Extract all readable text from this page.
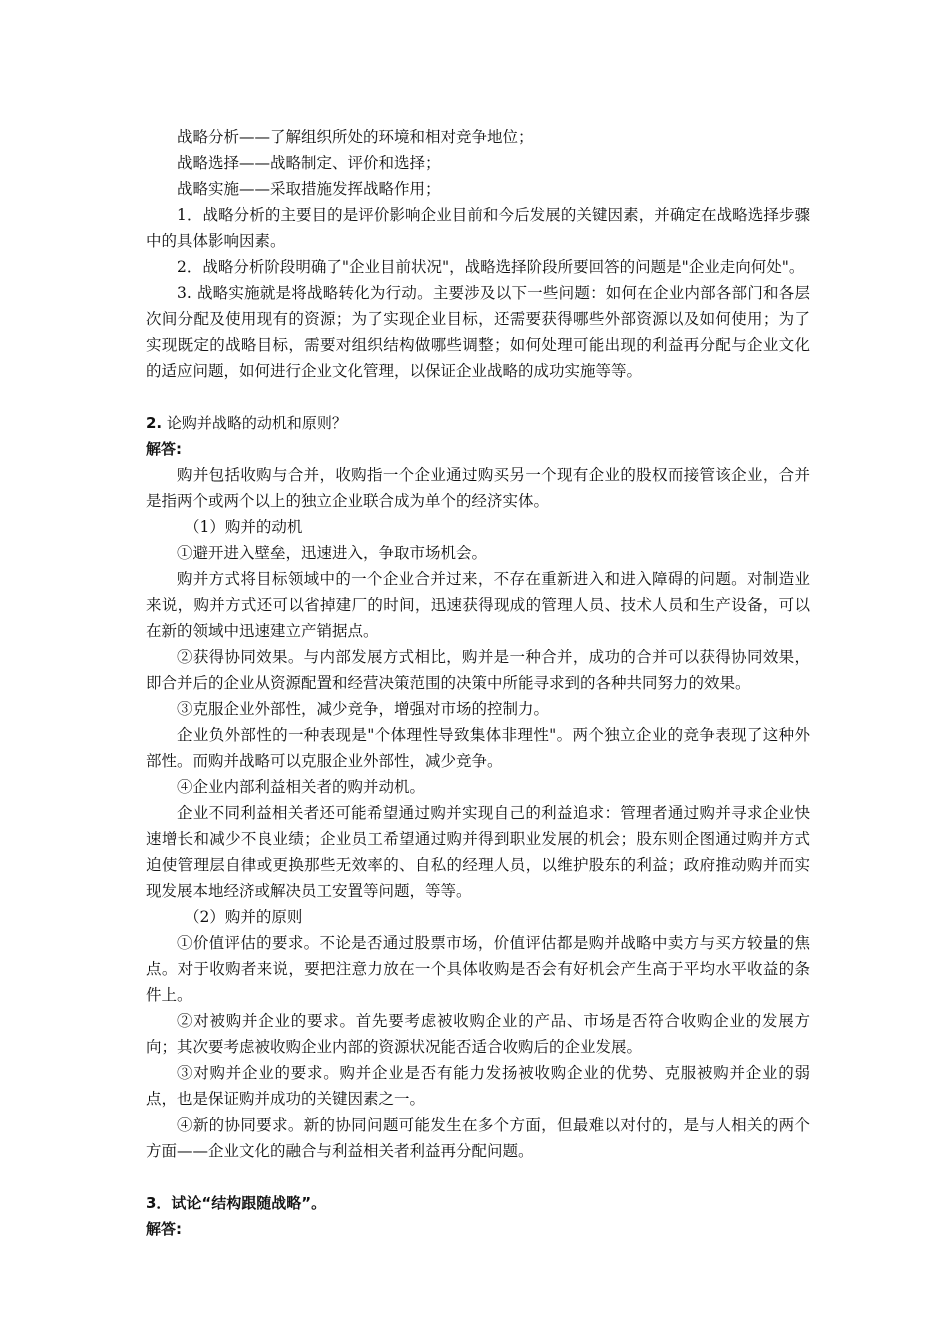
战略分析——了解组织所处的环境和相对竞争地位；

战略选择——战略制定、评价和选择；

战略实施——采取措施发挥战略作用；

1．战略分析的主要目的是评价影响企业目前和今后发展的关键因素，并确定在战略选择步骤中的具体影响因素。

2．战略分析阶段明确了"企业目前状况"，战略选择阶段所要回答的问题是"企业走向何处"。

3. 战略实施就是将战略转化为行动。主要涉及以下一些问题：如何在企业内部各部门和各层次间分配及使用现有的资源；为了实现企业目标，还需要获得哪些外部资源以及如何使用；为了实现既定的战略目标，需要对组织结构做哪些调整；如何处理可能出现的利益再分配与企业文化的适应问题，如何进行企业文化管理，以保证企业战略的成功实施等等。

2. 论购并战略的动机和原则？

解答:

购并包括收购与合并，收购指一个企业通过购买另一个现有企业的股权而接管该企业，合并是指两个或两个以上的独立企业联合成为单个的经济实体。

（1）购并的动机

①避开进入壁垒，迅速进入，争取市场机会。

购并方式将目标领域中的一个企业合并过来，不存在重新进入和进入障碍的问题。对制造业来说，购并方式还可以省掉建厂的时间，迅速获得现成的管理人员、技术人员和生产设备，可以在新的领域中迅速建立产销据点。

②获得协同效果。与内部发展方式相比，购并是一种合并，成功的合并可以获得协同效果，即合并后的企业从资源配置和经营决策范围的决策中所能寻求到的各种共同努力的效果。

③克服企业外部性，减少竞争，增强对市场的控制力。

企业负外部性的一种表现是"个体理性导致集体非理性"。两个独立企业的竞争表现了这种外部性。而购并战略可以克服企业外部性，减少竞争。

④企业内部利益相关者的购并动机。

企业不同利益相关者还可能希望通过购并实现自己的利益追求：管理者通过购并寻求企业快速增长和减少不良业绩；企业员工希望通过购并得到职业发展的机会；股东则企图通过购并方式迫使管理层自律或更换那些无效率的、自私的经理人员，以维护股东的利益；政府推动购并而实现发展本地经济或解决员工安置等问题，等等。

（2）购并的原则

①价值评估的要求。不论是否通过股票市场，价值评估都是购并战略中卖方与买方较量的焦点。对于收购者来说，要把注意力放在一个具体收购是否会有好机会产生高于平均水平收益的条件上。

②对被购并企业的要求。首先要考虑被收购企业的产品、市场是否符合收购企业的发展方向；其次要考虑被收购企业内部的资源状况能否适合收购后的企业发展。

③对购并企业的要求。购并企业是否有能力发扬被收购企业的优势、克服被购并企业的弱点，也是保证购并成功的关键因素之一。

④新的协同要求。新的协同问题可能发生在多个方面，但最难以对付的，是与人相关的两个方面——企业文化的融合与利益相关者利益再分配问题。

3．试论“结构跟随战略”。

解答:
